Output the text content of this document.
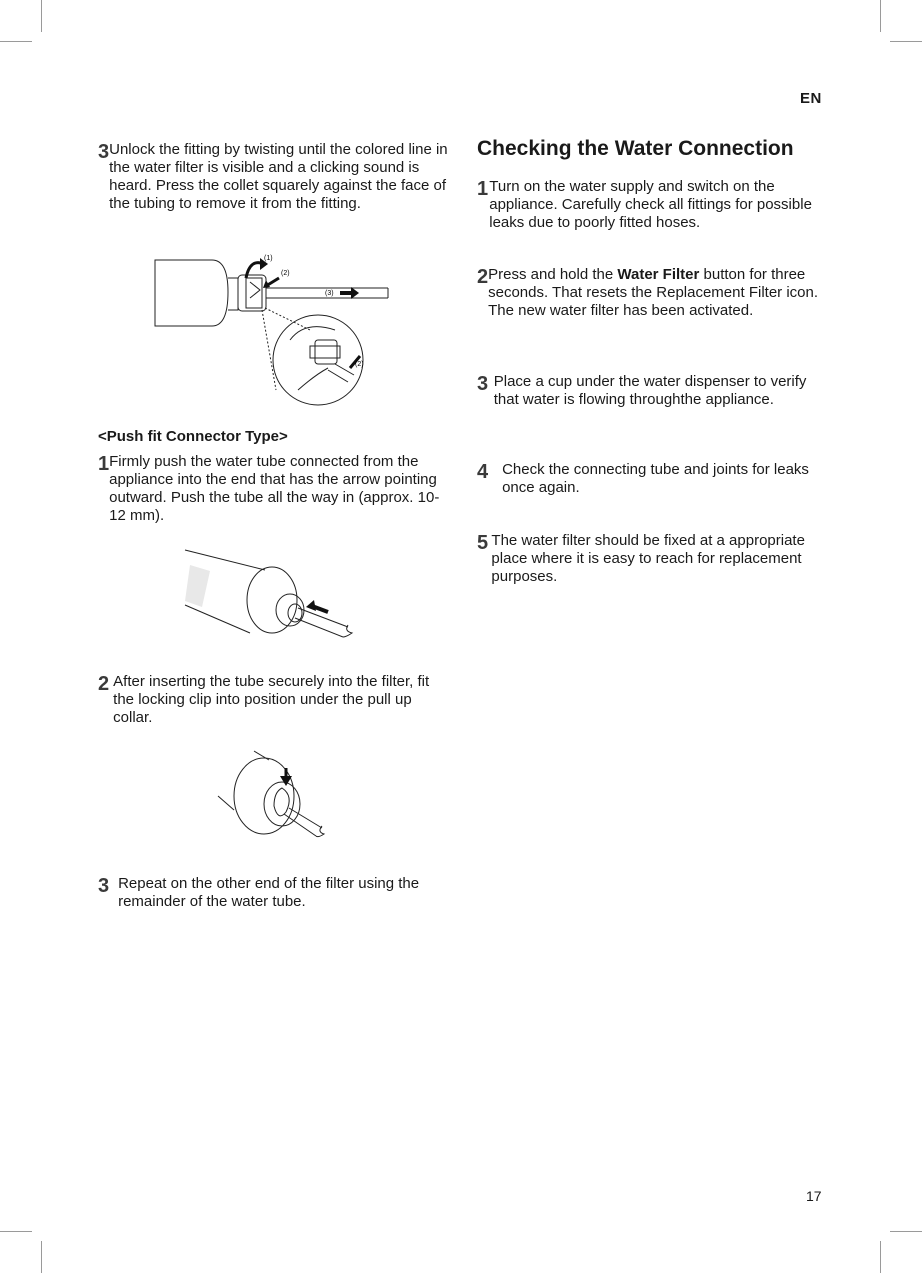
EN
3 Unlock the fitting by twisting until the colored line in the water filter is visible and a clicking sound is heard. Press the collet squarely against the face of the tubing to remove it from the fitting.
(1)
(2)
(3)
(2)
<Push fit Connector Type>
1 Firmly push the water tube connected from the appliance into the end that has the arrow pointing outward. Push the tube all the way in (approx. 10-12 mm).
2 After inserting the tube securely into the filter, fit the locking clip into position under the pull up collar.
3 Repeat on the other end of the filter using the remainder of the water tube.
Checking the Water Connection
1 Turn on the water supply and switch on the appliance. Carefully check all fittings for possible leaks due to poorly fitted hoses.
2 Press and hold the Water Filter button for three seconds. That resets the Replacement Filter icon. The new water filter has been activated.
3 Place a cup under the water dispenser to verify that water is flowing throughthe appliance.
4 Check the connecting tube and joints for leaks once again.
5 The water filter should be fixed at a appropriate place where it is easy to reach for replacement purposes.
17
